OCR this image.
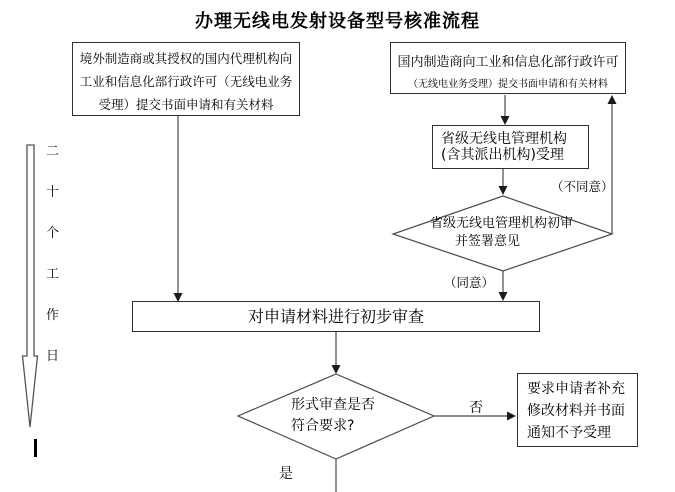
办理无线电发射设备型号核准流程
二十个工作日
境外制造商或其授权的国内代理机构向
工业和信息化部行政许可（无线电业务
受理）提交书面申请和有关材料
国内制造商向工业和信息化部行政许可
（无线电业务受理）提交书面申请和有关材料
省级无线电管理机构
(含其派出机构)受理
省级无线电管理机构初审
并签署意见
对申请材料进行初步审查
形式审查是否
符合要求?
要求申请者补充
修改材料并书面
通知不予受理
（不同意）
（同意）
否
是
